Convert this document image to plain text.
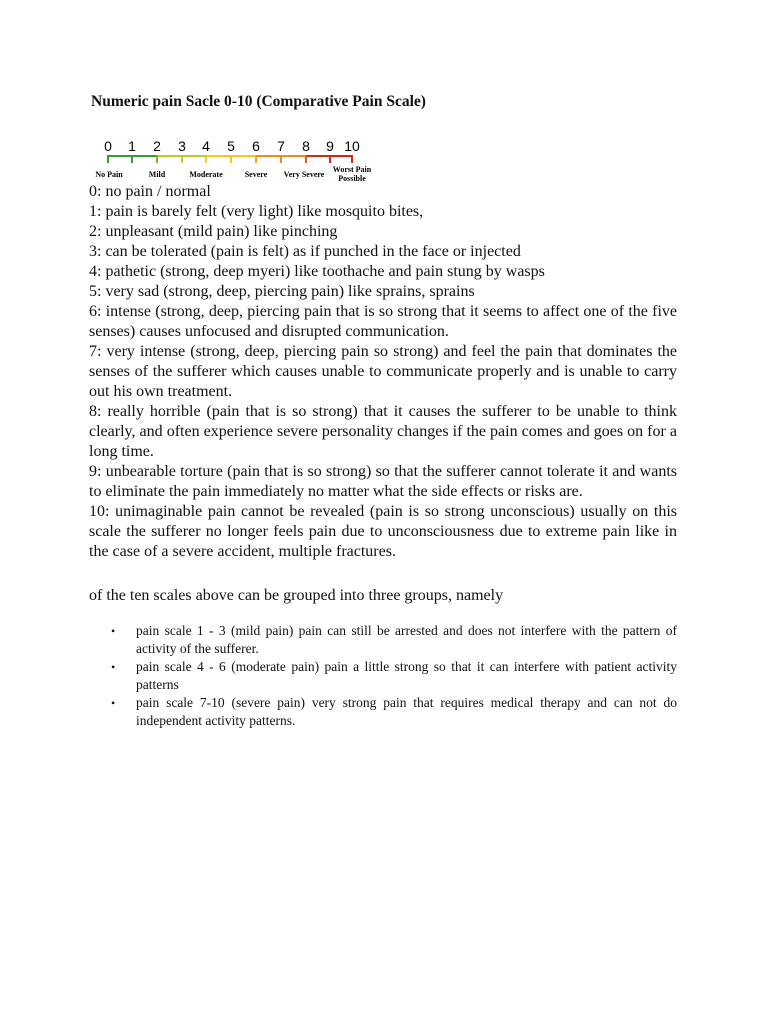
Numeric pain Sacle 0-10 (Comparative Pain Scale)
0 1 2 3 4 5 6 7 8 9 10
No Pain	Mild	Moderate	Severe Very Severe
Worst Pain
Possible

0: no pain / normal

1: pain is barely felt (very light) like mosquito bites,

2: unpleasant (mild pain) like pinching

3: can be tolerated (pain is felt) as if punched in the face or injected

4: pathetic (strong, deep myeri) like toothache and pain stung by wasps

5: very sad (strong, deep, piercing pain) like sprains, sprains

6: intense (strong, deep, piercing pain that is so strong that it seems to affect one of the five senses) causes unfocused and disrupted communication.

7: very intense (strong, deep, piercing pain so strong) and feel the pain that dominates the senses of the sufferer which causes unable to communicate properly and is unable to carry out his own treatment.

8: really horrible (pain that is so strong) that it causes the sufferer to be unable to think clearly, and often experience severe personality changes if the pain comes and goes on for a long time.

9: unbearable torture (pain that is so strong) so that the sufferer cannot tolerate it and wants to eliminate the pain immediately no matter what the side effects or risks are.

10: unimaginable pain cannot be revealed (pain is so strong unconscious) usually on this scale the sufferer no longer feels pain due to unconsciousness due to extreme pain like in the case of a severe accident, multiple fractures.

of the ten scales above can be grouped into three groups, namely

• pain scale 1 - 3 (mild pain) pain can still be arrested and does not interfere with the pattern of activity of the sufferer.
• pain scale 4 - 6 (moderate pain) pain a little strong so that it can interfere with patient activity patterns
• pain scale 7-10 (severe pain) very strong pain that requires medical therapy and can not do independent activity patterns.
